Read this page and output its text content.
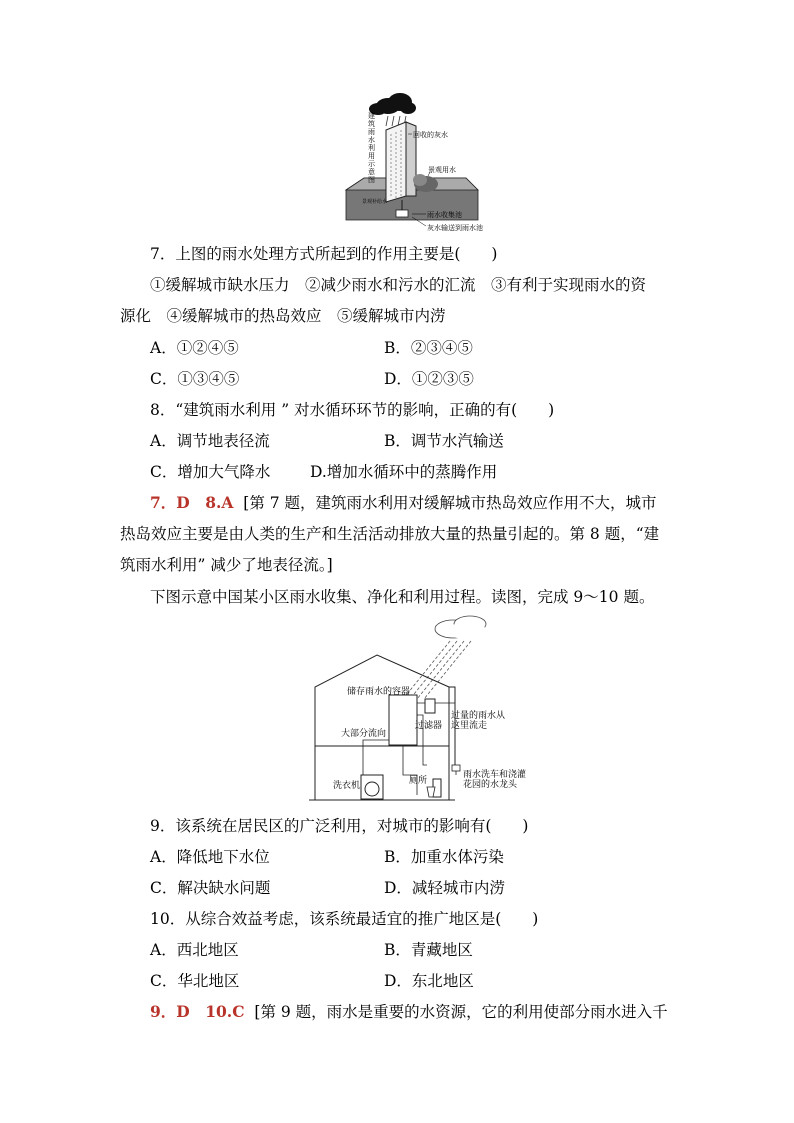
建 筑 雨 水 利 用 示 意 图
回收的灰水
景观用水
景观补给水
雨水收集池
灰水输送到雨水池
7．上图的雨水处理方式所起到的作用主要是(　　)
①缓解城市缺水压力　②减少雨水和污水的汇流　③有利于实现雨水的资
源化　④缓解城市的热岛效应　⑤缓解城市内涝
A．①②④⑤	B．②③④⑤
C．①③④⑤	D．①②③⑤
8．“建筑雨水利用 ” 对水循环环节的影响，正确的有(　　)
A．调节地表径流	B．调节水汽输送
C．增加大气降水	D.增加水循环中的蒸腾作用
7．D　8.A [第 7 题，建筑雨水利用对缓解城市热岛效应作用不大，城市
热岛效应主要是由人类的生产和生活活动排放大量的热量引起的。第 8 题，“建
筑雨水利用” 减少了地表径流。]
下图示意中国某小区雨水收集、净化和利用过程。读图，完成 9～10 题。
储存雨水的容器
过滤器
大部分流向
过量的雨水从
这里流走
洗衣机	厕所
雨水洗车和浇灌
花园的水龙头
9．该系统在居民区的广泛利用，对城市的影响有(　　)
A．降低地下水位	B．加重水体污染
C．解决缺水问题	D．减轻城市内涝
10．从综合效益考虑，该系统最适宜的推广地区是(　　)
A．西北地区	B．青藏地区
C．华北地区	D．东北地区
9．D　10.C [第 9 题，雨水是重要的水资源，它的利用使部分雨水进入千
